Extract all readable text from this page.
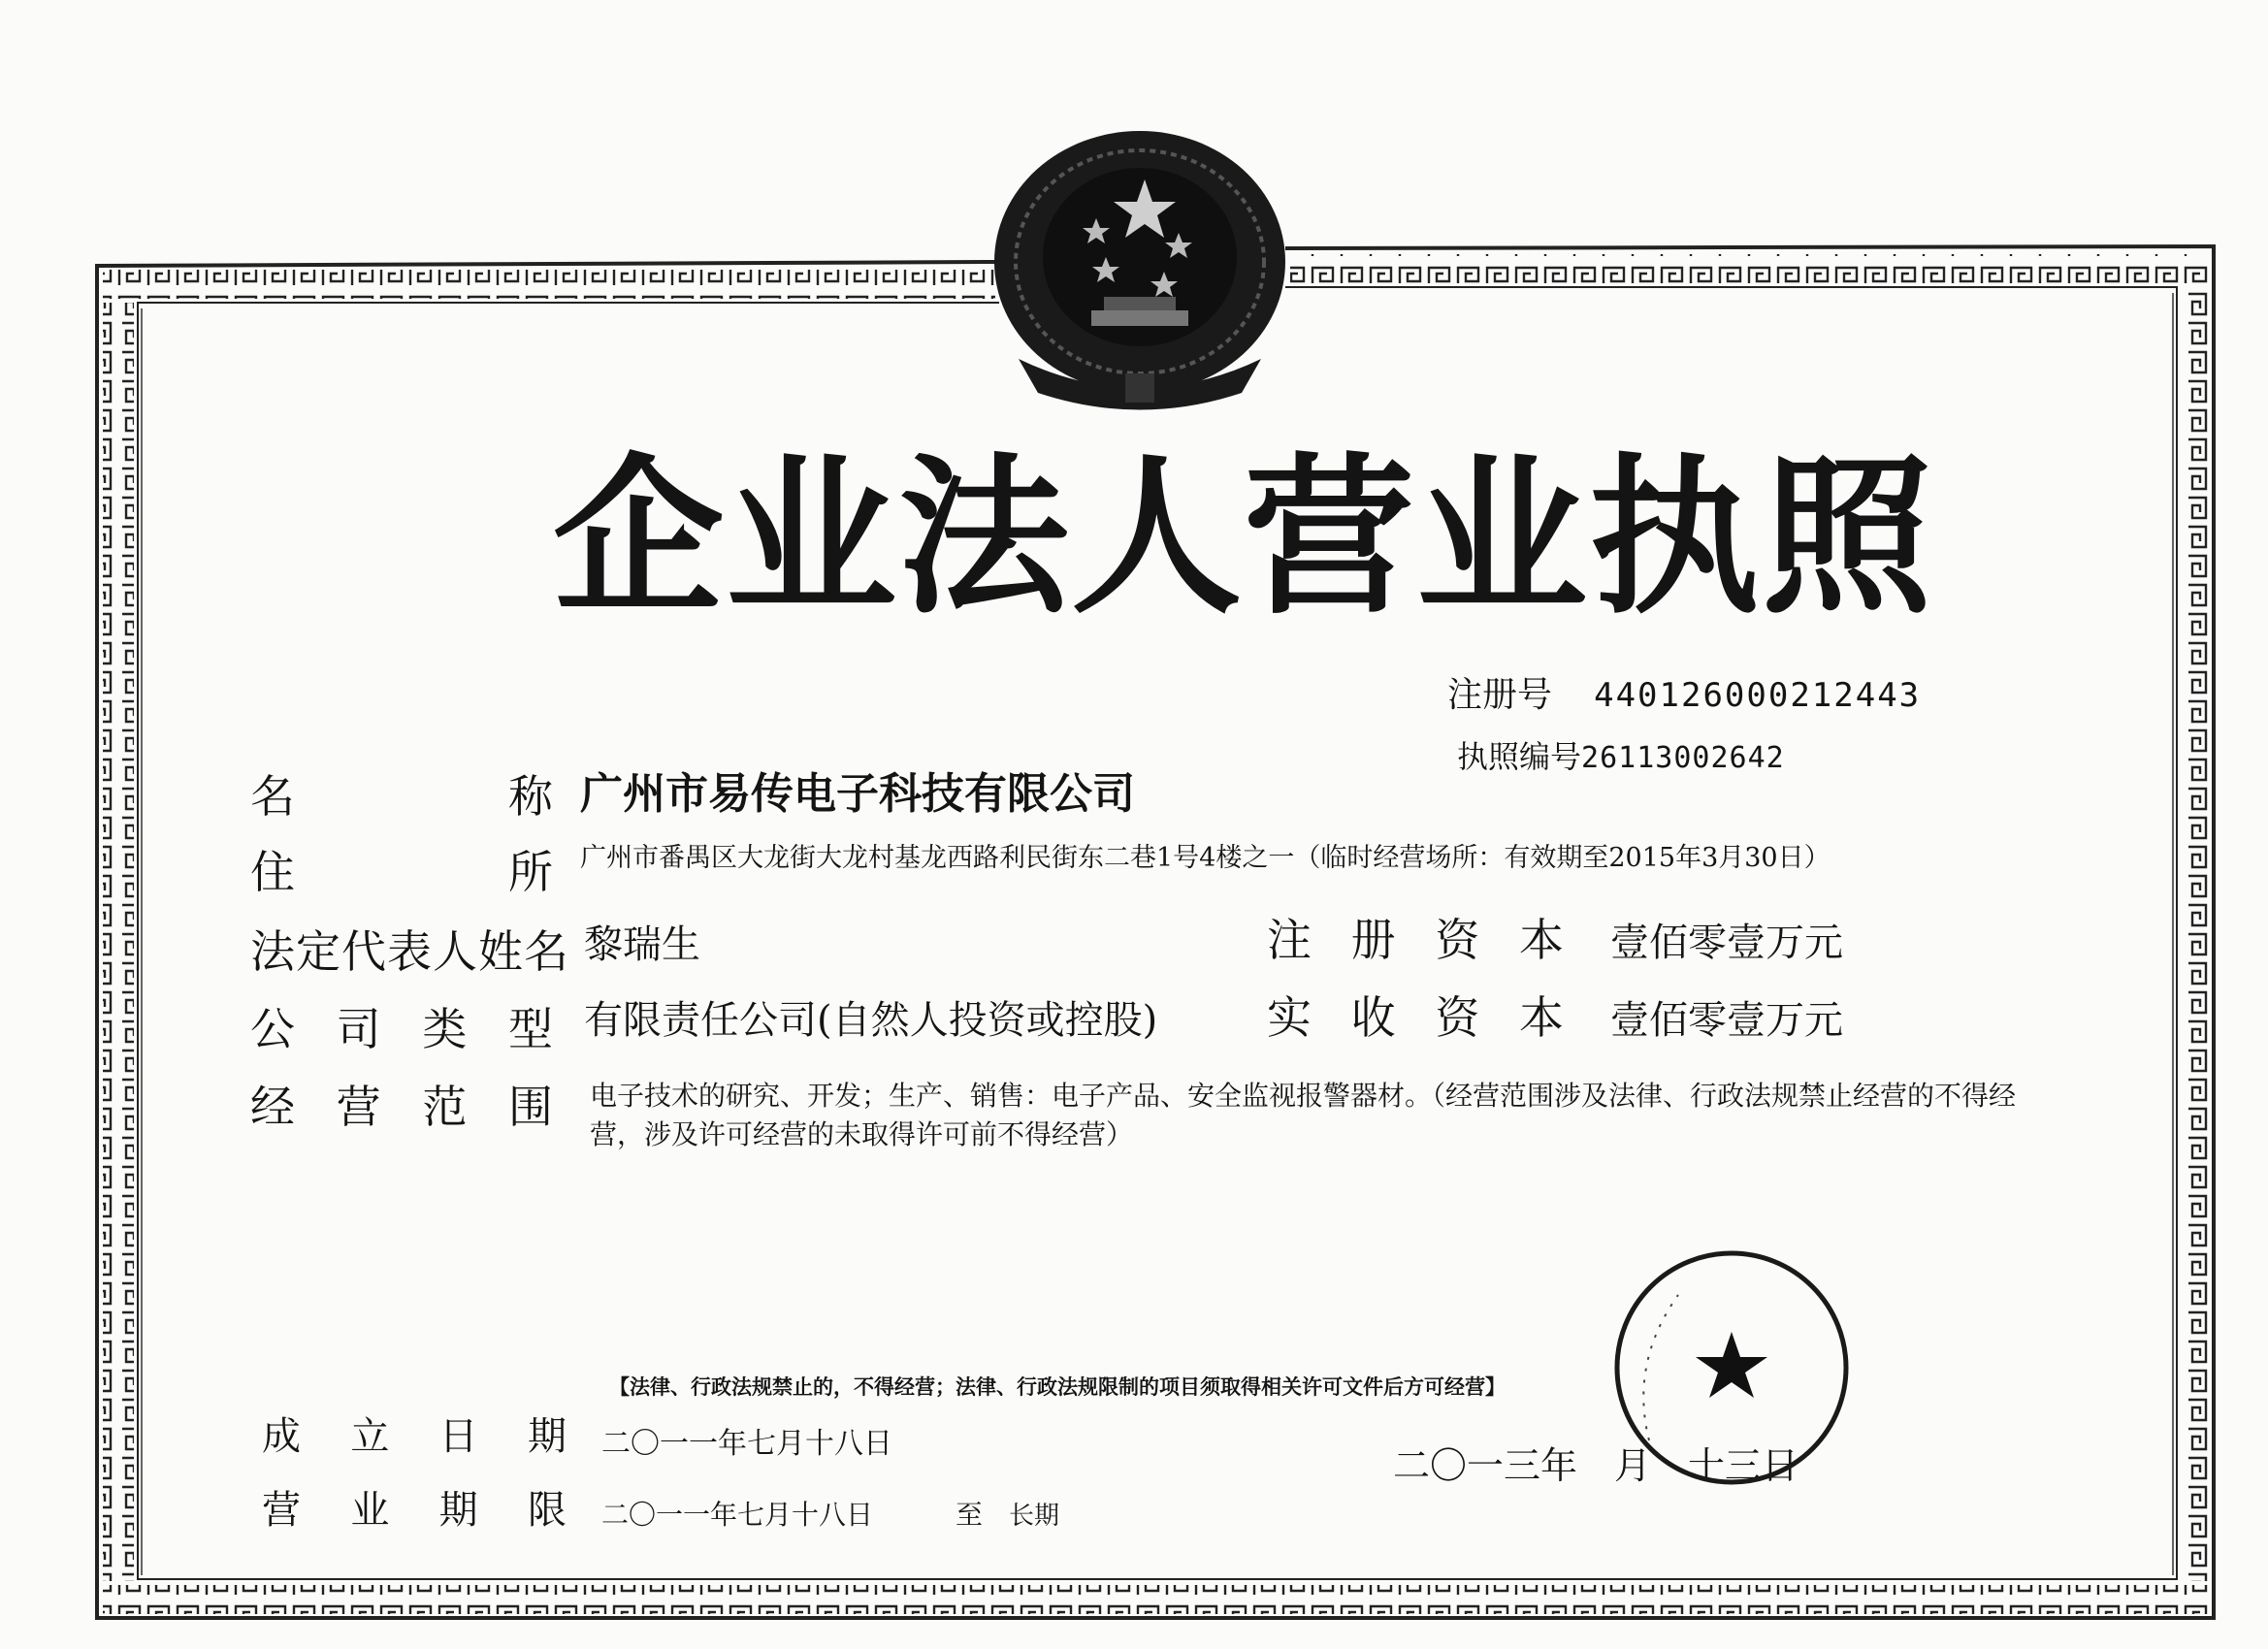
企业法人营业执照
注册号 440126000212443
执照编号26113002642
名	称 广州市易传电子科技有限公司
住	所 广州市番禺区大龙街大龙村基龙西路利民街东二巷1号4楼之一（临时经营场所：有效期至2015年3月30日）
法定代表人姓名 黎瑞生	注 册 资 本 壹佰零壹万元
公 司 类 型 有限责任公司(自然人投资或控股) 实 收 资 本 壹佰零壹万元
经 营 范 围 电子技术的研究、开发；生产、销售：电子产品、安全监视报警器材。（经营范围涉及法律、行政法规禁止经营的不得经营，涉及许可经营的未取得许可前不得经营）
【法律、行政法规禁止的，不得经营；法律、行政法规限制的项目须取得相关许可文件后方可经营】
成 立 日 期 二〇一一年七月十八日
营 业 期 限 二〇一一年七月十八日	至 长期
二〇一三年　月　十三日
